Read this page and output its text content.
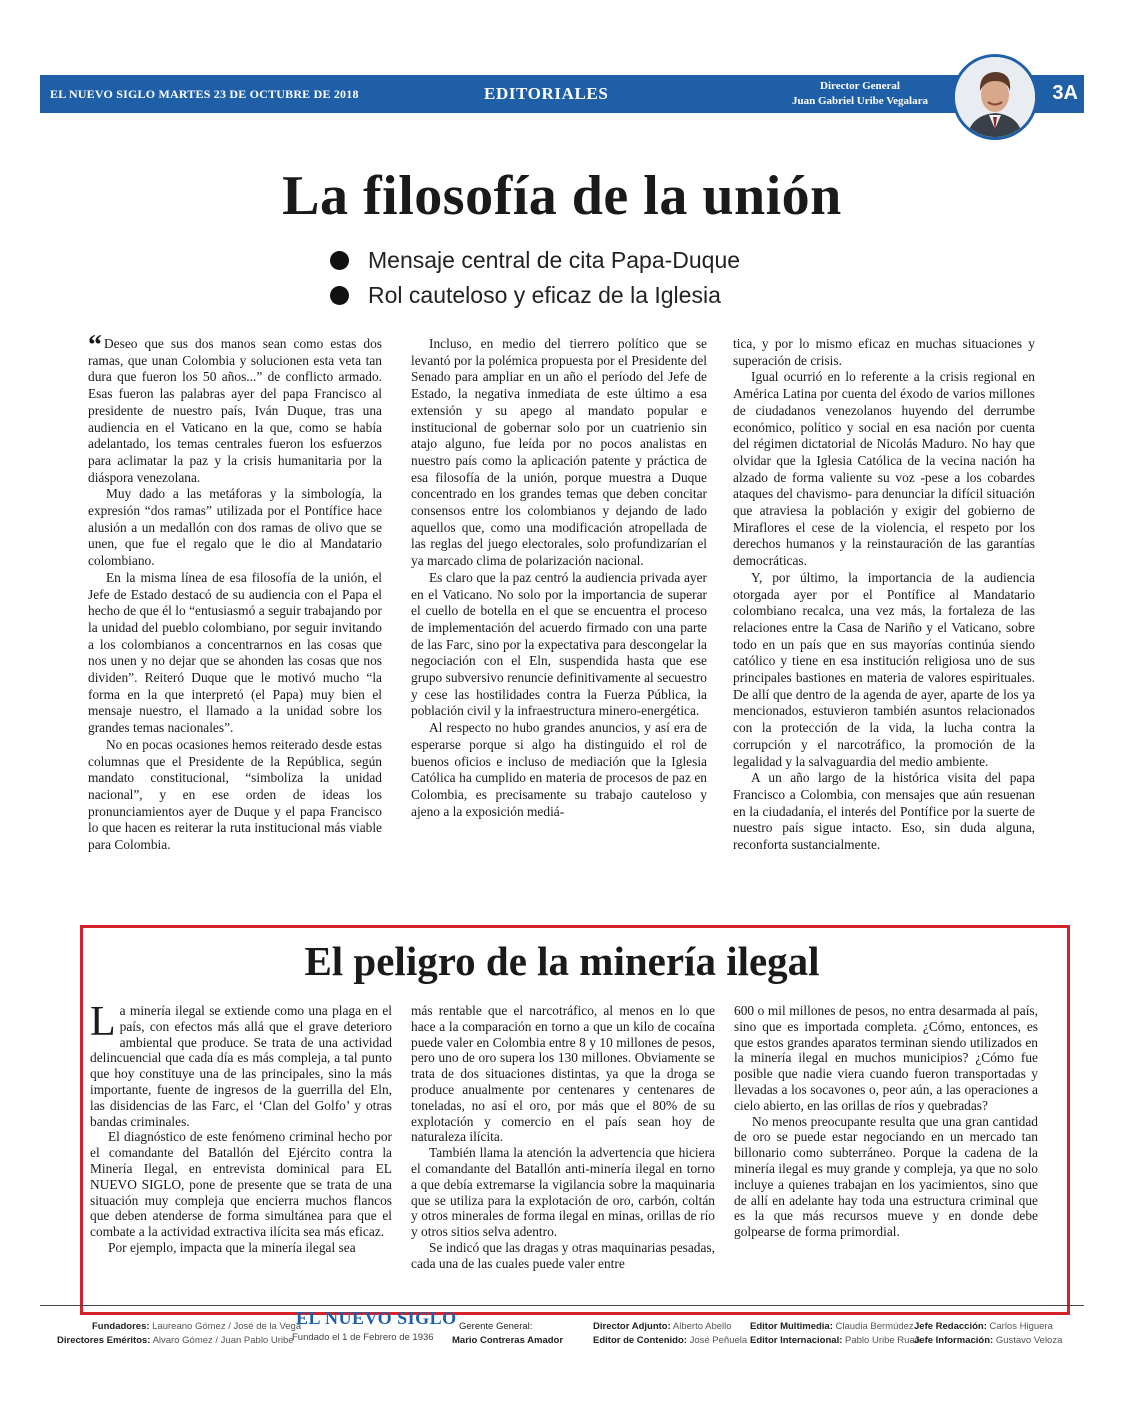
EL NUEVO SIGLO MARTES 23 DE OCTUBRE DE 2018	EDITORIALES	Director General
Juan Gabriel Uribe Vegalara	3A
La filosofía de la unión
Mensaje central de cita Papa-Duque
Rol cauteloso y eficaz de la Iglesia

“ Deseo que sus dos manos sean como estas dos ramas, que unan Colombia y solucionen esta veta tan dura que fueron los 50 años...” de conflicto armado. Esas fueron las palabras ayer del papa Francisco al presidente de nuestro país, Iván Duque, tras una audiencia en el Vaticano en la que, como se había adelantado, los temas centrales fueron los esfuerzos para aclimatar la paz y la crisis humanitaria por la diáspora venezolana.

Muy dado a las metáforas y la simbología, la expresión “dos ramas” utilizada por el Pontífice hace alusión a un medallón con dos ramas de olivo que se unen, que fue el regalo que le dio al Mandatario colombiano.

En la misma línea de esa filosofía de la unión, el Jefe de Estado destacó de su audiencia con el Papa el hecho de que él lo “entusiasmó a seguir trabajando por la unidad del pueblo colombiano, por seguir invitando a los colombianos a concentrarnos en las cosas que nos unen y no dejar que se ahonden las cosas que nos dividen”. Reiteró Duque que le motivó mucho “la forma en la que interpretó (el Papa) muy bien el mensaje nuestro, el llamado a la unidad sobre los grandes temas nacionales”.

No en pocas ocasiones hemos reiterado desde estas columnas que el Presidente de la República, según mandato constitucional, “simboliza la unidad nacional”, y en ese orden de ideas los pronunciamientos ayer de Duque y el papa Francisco lo que hacen es reiterar la ruta institucional más viable para Colombia.

Incluso, en medio del tierrero político que se levantó por la polémica propuesta por el Presidente del Senado para ampliar en un año el período del Jefe de Estado, la negativa inmediata de este último a esa extensión y su apego al mandato popular e institucional de gobernar solo por un cuatrienio sin atajo alguno, fue leída por no pocos analistas en nuestro país como la aplicación patente y práctica de esa filosofía de la unión, porque muestra a Duque concentrado en los grandes temas que deben concitar consensos entre los colombianos y dejando de lado aquellos que, como una modificación atropellada de las reglas del juego electorales, solo profundizarían el ya marcado clima de polarización nacional.

Es claro que la paz centró la audiencia privada ayer en el Vaticano. No solo por la importancia de superar el cuello de botella en el que se encuentra el proceso de implementación del acuerdo firmado con una parte de las Farc, sino por la expectativa para descongelar la negociación con el Eln, suspendida hasta que ese grupo subversivo renuncie definitivamente al secuestro y cese las hostilidades contra la Fuerza Pública, la población civil y la infraestructura minero-energética.

Al respecto no hubo grandes anuncios, y así era de esperarse porque si algo ha distinguido el rol de buenos oficios e incluso de mediación que la Iglesia Católica ha cumplido en materia de procesos de paz en Colombia, es precisamente su trabajo cauteloso y ajeno a la exposición mediá-

tica, y por lo mismo eficaz en muchas situaciones y superación de crisis.

Igual ocurrió en lo referente a la crisis regional en América Latina por cuenta del éxodo de varios millones de ciudadanos venezolanos huyendo del derrumbe económico, político y social en esa nación por cuenta del régimen dictatorial de Nicolás Maduro. No hay que olvidar que la Iglesia Católica de la vecina nación ha alzado de forma valiente su voz -pese a los cobardes ataques del chavismo- para denunciar la difícil situación que atraviesa la población y exigir del gobierno de Miraflores el cese de la violencia, el respeto por los derechos humanos y la reinstauración de las garantías democráticas.

Y, por último, la importancia de la audiencia otorgada ayer por el Pontífice al Mandatario colombiano recalca, una vez más, la fortaleza de las relaciones entre la Casa de Nariño y el Vaticano, sobre todo en un país que en sus mayorías continúa siendo católico y tiene en esa institución religiosa uno de sus principales bastiones en materia de valores espirituales. De allí que dentro de la agenda de ayer, aparte de los ya mencionados, estuvieron también asuntos relacionados con la protección de la vida, la lucha contra la corrupción y el narcotráfico, la promoción de la legalidad y la salvaguardia del medio ambiente.

A un año largo de la histórica visita del papa Francisco a Colombia, con mensajes que aún resuenan en la ciudadanía, el interés del Pontífice por la suerte de nuestro país sigue intacto. Eso, sin duda alguna, reconforta sustancialmente.

El peligro de la minería ilegal

La minería ilegal se extiende como una plaga en el país, con efectos más allá que el grave deterioro ambiental que produce. Se trata de una actividad delincuencial que cada día es más compleja, a tal punto que hoy constituye una de las principales, sino la más importante, fuente de ingresos de la guerrilla del Eln, las disidencias de las Farc, el ‘Clan del Golfo’ y otras bandas criminales.

El diagnóstico de este fenómeno criminal hecho por el comandante del Batallón del Ejército contra la Minería Ilegal, en entrevista dominical para EL NUEVO SIGLO, pone de presente que se trata de una situación muy compleja que encierra muchos flancos que deben atenderse de forma simultánea para que el combate a la actividad extractiva ilícita sea más eficaz.

Por ejemplo, impacta que la minería ilegal sea

más rentable que el narcotráfico, al menos en lo que hace a la comparación en torno a que un kilo de cocaína puede valer en Colombia entre 8 y 10 millones de pesos, pero uno de oro supera los 130 millones. Obviamente se trata de dos situaciones distintas, ya que la droga se produce anualmente por centenares y centenares de toneladas, no así el oro, por más que el 80% de su explotación y comercio en el país sean hoy de naturaleza ilícita.

También llama la atención la advertencia que hiciera el comandante del Batallón anti-minería ilegal en torno a que debía extremarse la vigilancia sobre la maquinaria que se utiliza para la explotación de oro, carbón, coltán y otros minerales de forma ilegal en minas, orillas de río y otros sitios selva adentro.

Se indicó que las dragas y otras maquinarias pesadas, cada una de las cuales puede valer entre

600 o mil millones de pesos, no entra desarmada al país, sino que es importada completa. ¿Cómo, entonces, es que estos grandes aparatos terminan siendo utilizados en la minería ilegal en muchos municipios? ¿Cómo fue posible que nadie viera cuando fueron transportadas y llevadas a los socavones o, peor aún, a las operaciones a cielo abierto, en las orillas de ríos y quebradas?

No menos preocupante resulta que una gran cantidad de oro se puede estar negociando en un mercado tan billonario como subterráneo. Porque la cadena de la minería ilegal es muy grande y compleja, ya que no solo incluye a quienes trabajan en los yacimientos, sino que de allí en adelante hay toda una estructura criminal que es la que más recursos mueve y en donde debe golpearse de forma primordial.

Fundadores: Laureano Gómez / José de la Vega
Directores Eméritos: Alvaro Gómez / Juan Pablo Uribe
EL NUEVO SIGLO
Fundado el 1 de Febrero de 1936
Gerente General:
Mario Contreras Amador
Director Adjunto: Alberto Abello
Editor de Contenido: José Peñuela
Editor Multimedia: Claudia Bermúdez
Editor Internacional: Pablo Uribe Ruan
Jefe Redacción: Carlos Higuera
Jefe Información: Gustavo Veloza
